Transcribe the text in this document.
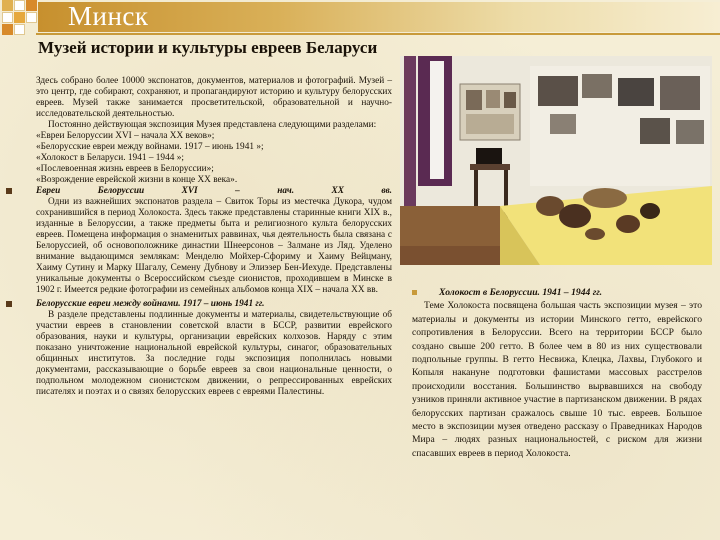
Минск
Музей истории и культуры евреев Беларуси

Здесь собрано более 10000 экспонатов, документов, материалов и фотографий. Музей – это центр, где собирают, сохраняют, и пропагандируют историю и культуру белорусских евреев. Музей также занимается просветительской, образовательной и научно-исследовательской деятельностью.

Постоянно действующая экспозиция Музея представлена следующими разделами:

«Евреи Белоруссии XVI – начала XX веков»;

«Белорусские евреи между войнами. 1917 – июнь 1941 »;

«Холокост в Беларуси. 1941 – 1944 »;

«Послевоенная жизнь евреев в Белоруссии»;

«Возрождение еврейской жизни в конце XX века».

Евреи Белоруссии XVI – нач. XX вв.

Одни из важнейших экспонатов раздела – Свиток Торы из местечка Дукора, чудом сохранившийся в период Холокоста. Здесь также представлены старинные книги XIX в., изданные в Белоруссии, а также предметы быта и религиозного культа белорусских евреев. Помещена информация о знаменитых раввинах, чья деятельность была связана с Белоруссией, об основоположнике династии Шнеерсонов – Залмане из Ляд. Уделено внимание выдающимся землякам: Менделю Мойхер-Сфориму и Хаиму Вейцману, Хаиму Сутину и Марку Шагалу, Семену Дубнову и Элиэзер Бен-Иехуде. Представлены уникальные документы о Всероссийском съезде сионистов, проходившем в Минске в 1902 г. Имеется редкие фотографии из семейных альбомов конца XIX – начала XX вв.

Белорусские евреи между войнами. 1917 – июнь 1941 гг.

В разделе представлены подлинные документы и материалы, свидетельствующие об участии евреев в становлении советской власти в БССР, развитии еврейского образования, науки и культуры, организации еврейских колхозов. Наряду с этим показано уничтожение национальной еврейской культуры, синагог, образовательных общинных институтов. За последние годы экспозиция пополнилась новыми документами, рассказывающие о борьбе евреев за свои национальные ценности, о подпольном молодежном сионистском движении, о репрессированных еврейских писателях и поэтах и о связях белорусских евреев с евреями Палестины.

Холокост в Белоруссии. 1941 – 1944 гг.

Теме Холокоста посвящена большая часть экспозиции музея – это материалы и документы из истории Минского гетто, еврейского сопротивления в Белоруссии. Всего на территории БССР было создано свыше 200 гетто. В более чем в 80 из них существовали подпольные группы. В гетто Несвижа, Клецка, Лахвы, Глубокого и Копыля накануне подготовки фашистами массовых расстрелов происходили восстания. Большинство вырвавшихся на свободу узников приняли активное участие в партизанском движении. В рядах белорусских партизан сражалось свыше 10 тыс. евреев. Большое место в экспозиции музея отведено рассказу о Праведниках Народов Мира – людях разных национальностей, с риском для жизни спасавших евреев в период Холокоста.
